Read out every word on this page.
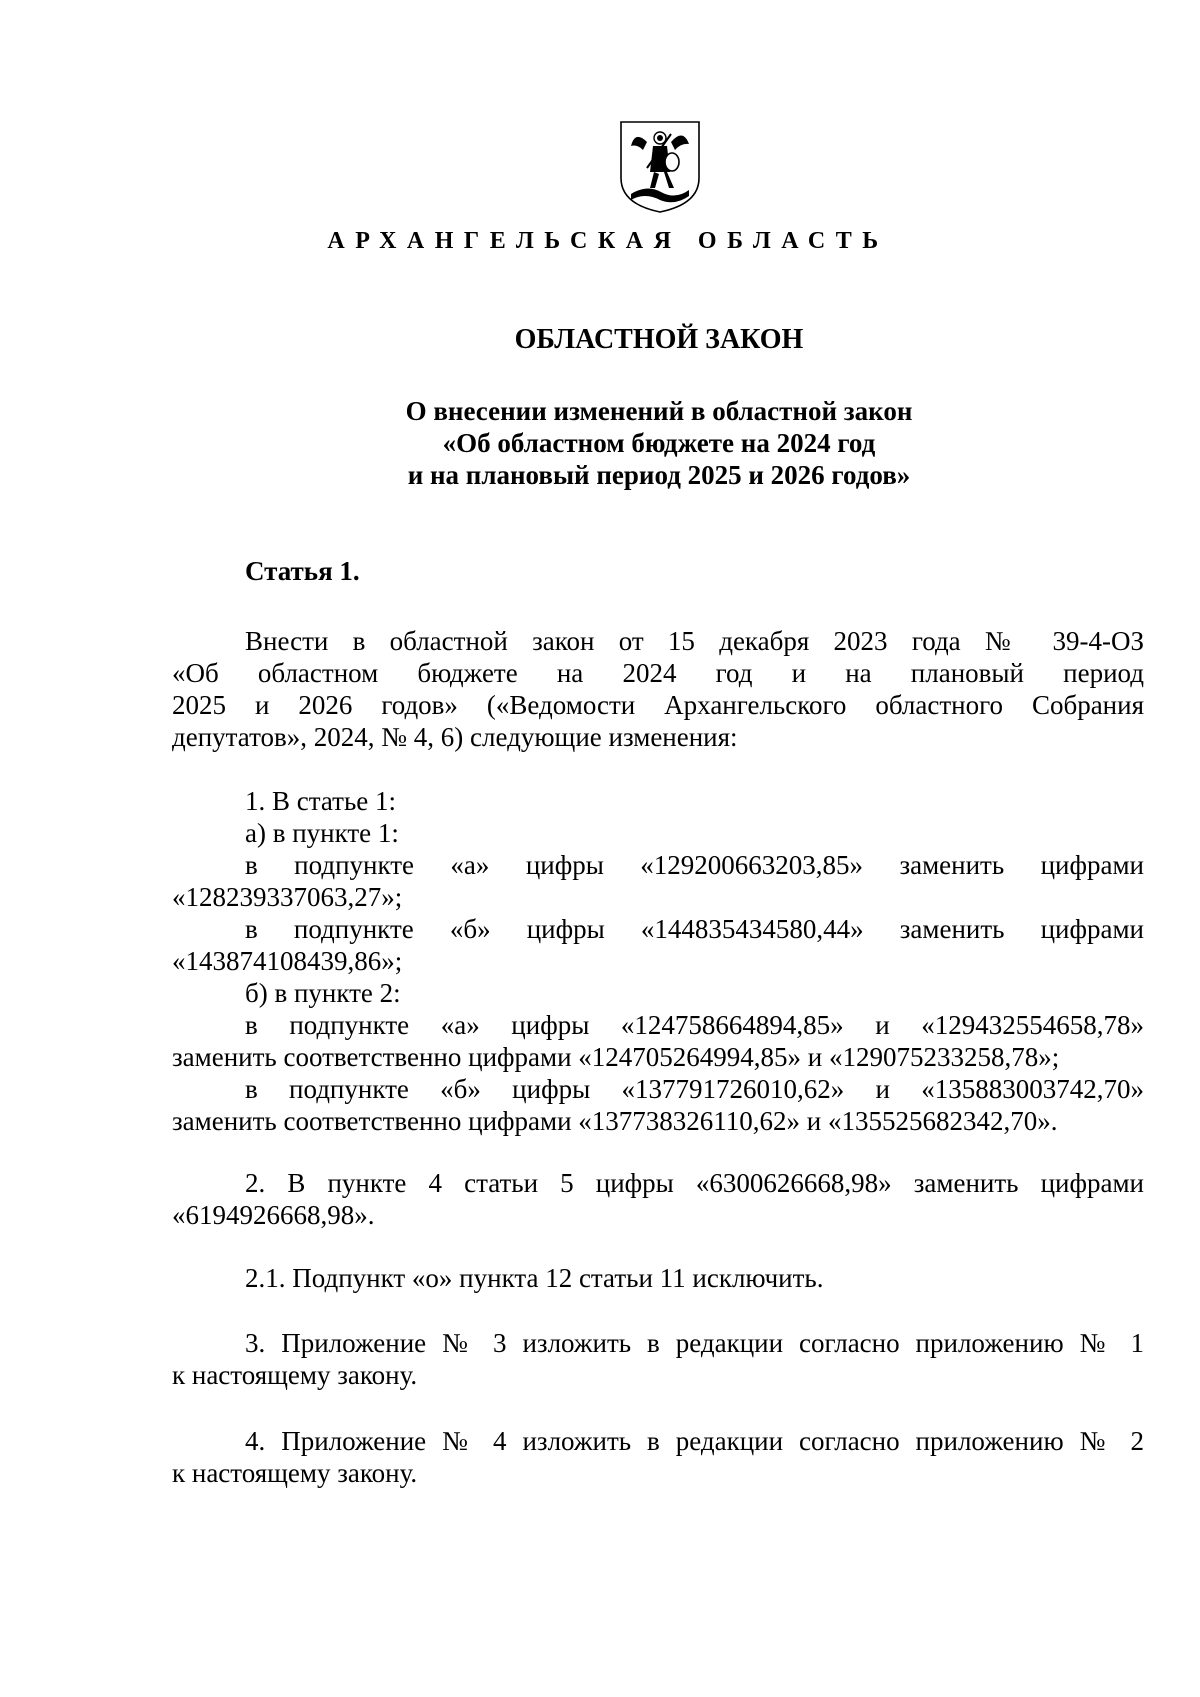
АРХАНГЕЛЬСКАЯ ОБЛАСТЬ
ОБЛАСТНОЙ ЗАКОН
О внесении изменений в областной закон
«Об областном бюджете на 2024 год
и на плановый период 2025 и 2026 годов»
Статья 1.
Внести в областной закон от 15 декабря 2023 года № 39-4-ОЗ
«Об областном бюджете на 2024 год и на плановый период
2025 и 2026 годов» («Ведомости Архангельского областного Собрания
депутатов», 2024, № 4, 6) следующие изменения:
1. В статье 1:
а) в пункте 1:
в подпункте «а» цифры «129200663203,85» заменить цифрами
«128239337063,27»;
в подпункте «б» цифры «144835434580,44» заменить цифрами
«143874108439,86»;
б) в пункте 2:
в подпункте «а» цифры «124758664894,85» и «129432554658,78»
заменить соответственно цифрами «124705264994,85» и «129075233258,78»;
в подпункте «б» цифры «137791726010,62» и «135883003742,70»
заменить соответственно цифрами «137738326110,62» и «135525682342,70».
2. В пункте 4 статьи 5 цифры «6300626668,98» заменить цифрами
«6194926668,98».
2.1. Подпункт «о» пункта 12 статьи 11 исключить.
3. Приложение № 3 изложить в редакции согласно приложению № 1
к настоящему закону.
4. Приложение № 4 изложить в редакции согласно приложению № 2
к настоящему закону.
